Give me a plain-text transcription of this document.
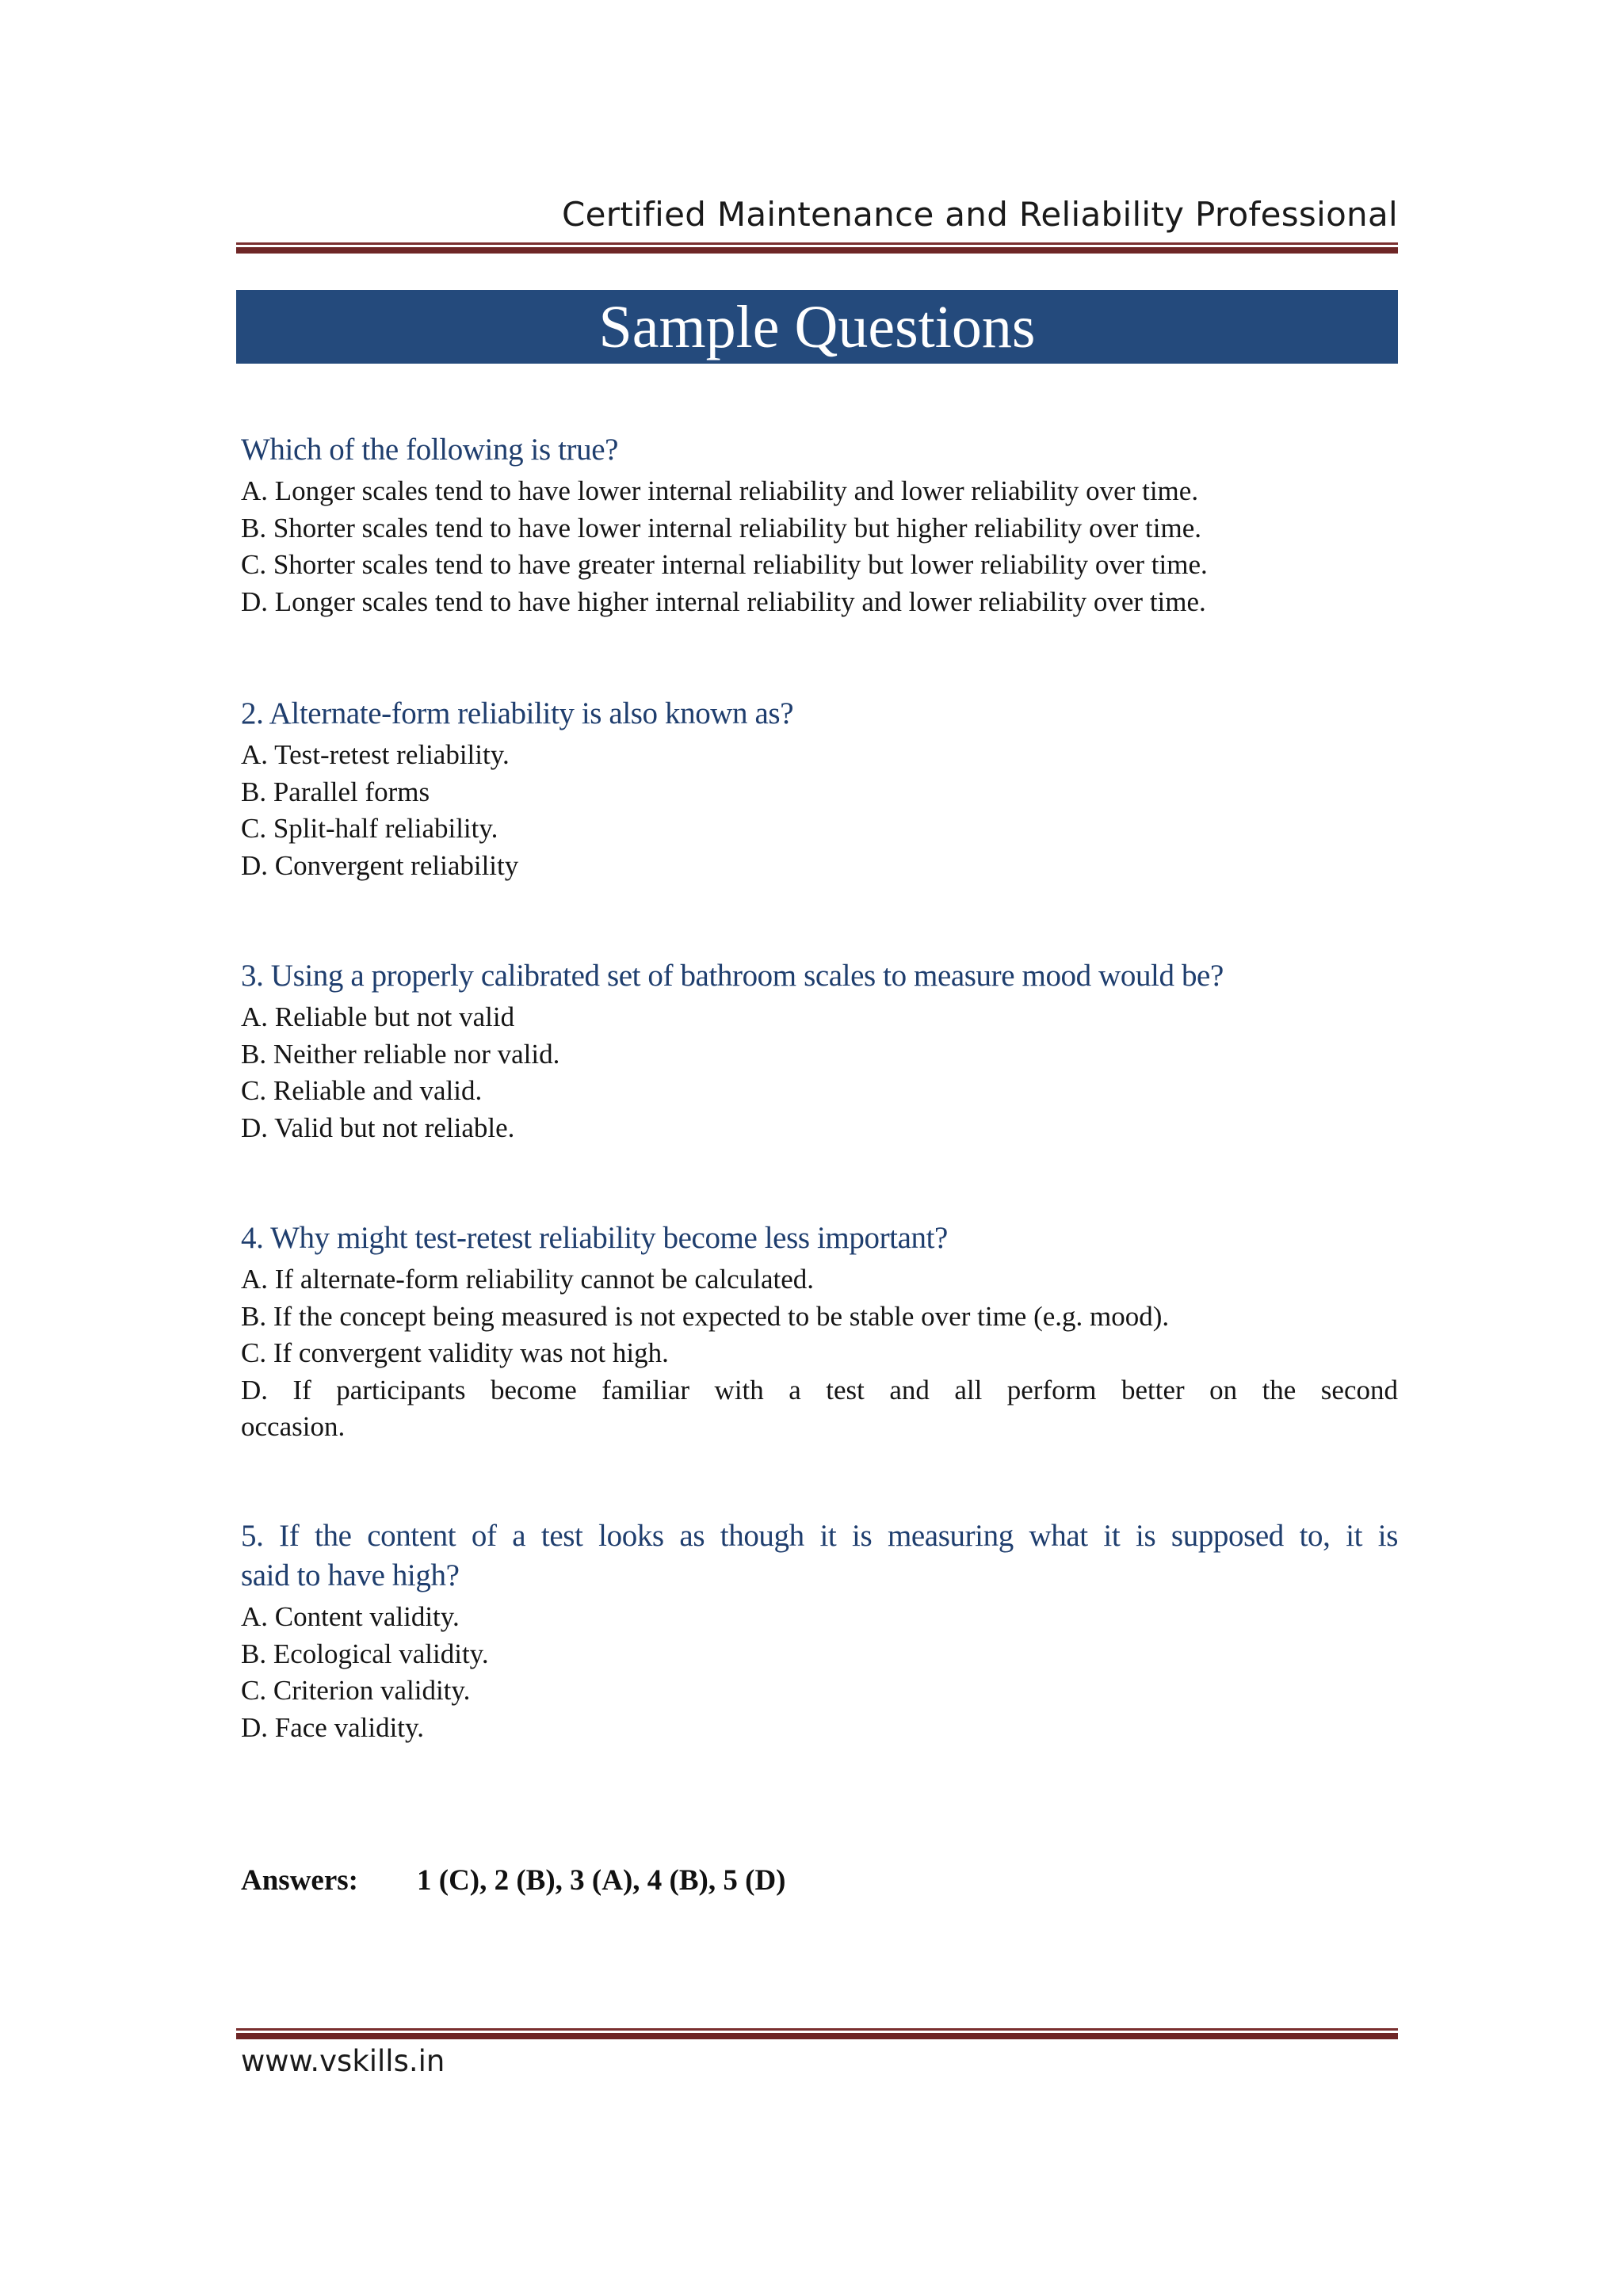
Certified Maintenance and Reliability Professional
Sample Questions

Which of the following is true?

A. Longer scales tend to have lower internal reliability and lower reliability over time.

B. Shorter scales tend to have lower internal reliability but higher reliability over time.

C. Shorter scales tend to have greater internal reliability but lower reliability over time.

D. Longer scales tend to have higher internal reliability and lower reliability over time.

2. Alternate-form reliability is also known as?

A. Test-retest reliability.

B. Parallel forms

C. Split-half reliability.

D. Convergent reliability

3. Using a properly calibrated set of bathroom scales to measure mood would be?

A. Reliable but not valid

B. Neither reliable nor valid.

C. Reliable and valid.

D. Valid but not reliable.

4. Why might test-retest reliability become less important?

A. If alternate-form reliability cannot be calculated.

B. If the concept being measured is not expected to be stable over time (e.g. mood).

C. If convergent validity was not high.

D. If participants become familiar with a test and all perform better on the second

occasion.

5. If the content of a test looks as though it is measuring what it is supposed to, it is

said to have high?

A. Content validity.

B. Ecological validity.

C. Criterion validity.

D. Face validity.

Answers: 1 (C), 2 (B), 3 (A), 4 (B), 5 (D)
www.vskills.in
